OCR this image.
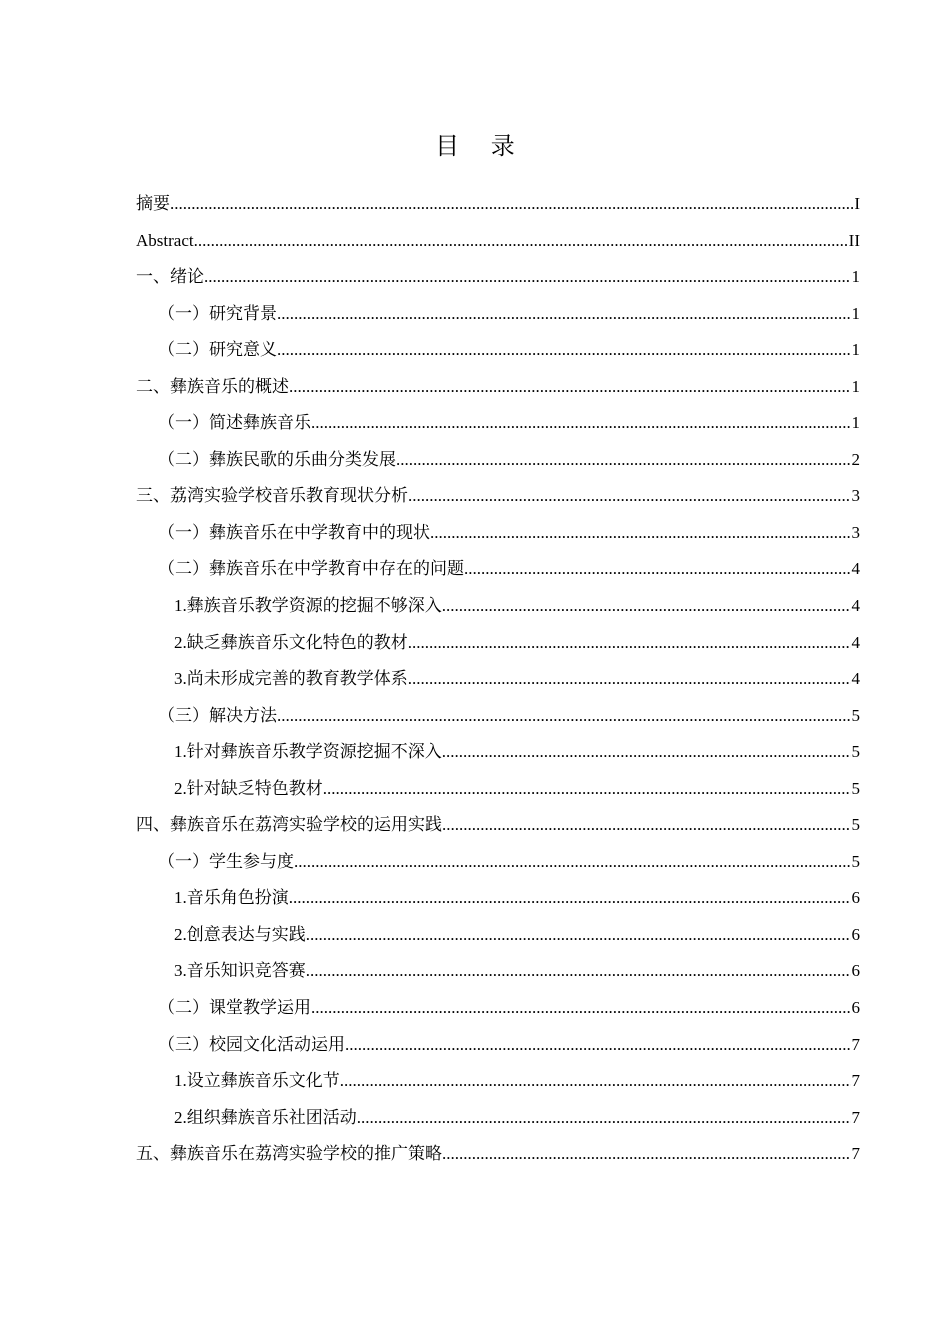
目 录
摘要 .....	I
Abstract .....	II
一、绪论 .....	1
（一）研究背景 .....	1
（二）研究意义 .....	1
二、彝族音乐的概述 .....	1
（一）简述彝族音乐 .....	1
（二）彝族民歌的乐曲分类发展 .....	2
三、荔湾实验学校音乐教育现状分析 .....	3
（一）彝族音乐在中学教育中的现状 .....	3
（二）彝族音乐在中学教育中存在的问题 .....	4
1.彝族音乐教学资源的挖掘不够深入 .....	4
2.缺乏彝族音乐文化特色的教材 .....	4
3.尚未形成完善的教育教学体系 .....	4
（三）解决方法 .....	5
1.针对彝族音乐教学资源挖掘不深入 .....	5
2.针对缺乏特色教材 .....	5
四、彝族音乐在荔湾实验学校的运用实践 .....	5
（一）学生参与度 .....	5
1.音乐角色扮演 .....	6
2.创意表达与实践 .....	6
3.音乐知识竞答赛 .....	6
（二）课堂教学运用 .....	6
（三）校园文化活动运用 .....	7
1.设立彝族音乐文化节 .....	7
2.组织彝族音乐社团活动 .....	7
五、彝族音乐在荔湾实验学校的推广策略 .....	7
